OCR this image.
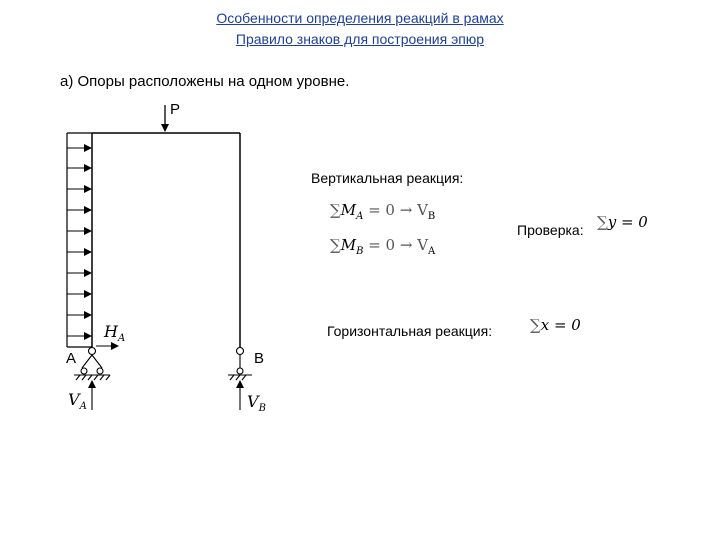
Особенности определения реакций в рамах
Правило знаков для построения эпюр
а) Опоры расположены на одном уровне.
P
A	B
$H_A$
$V_A$	$V_B$
Вертикальная реакция:
$\sum M_A = 0 \to V_B$
$\sum M_B = 0 \to V_A$
Проверка: ∑y = 0
Горизонтальная реакция:	∑x = 0
